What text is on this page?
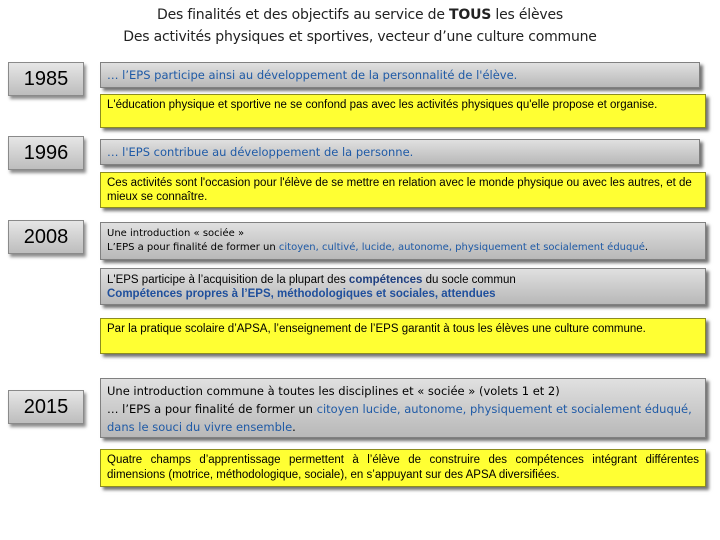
Des finalités et des objectifs au service de TOUS les élèves
Des activités physiques et sportives, vecteur d’une culture commune
1985
1996
2008
2015
… l’EPS participe ainsi au développement de la personnalité de l'élève.
L'éducation physique et sportive ne se confond pas avec les activités physiques qu'elle propose et organise.
… l'EPS contribue au développement de la personne.
Ces activités sont l'occasion pour l'élève de se mettre en relation avec le monde physique ou avec les autres, et de mieux se connaître.
Une introduction « sociée »
L’EPS a pour finalité de former un citoyen, cultivé, lucide, autonome, physiquement et socialement éduqué.
L'EPS participe à l’acquisition de la plupart des compétences du socle commun
Compétences propres à l’EPS, méthodologiques et sociales, attendues
Par la pratique scolaire d’APSA, l’enseignement de l’EPS garantit à tous les élèves une culture commune.
Une introduction commune à toutes les disciplines et « sociée » (volets 1 et 2)
… l’EPS a pour finalité de former un citoyen lucide, autonome, physiquement et socialement éduqué, dans le souci du vivre ensemble.
Quatre champs d’apprentissage permettent à l’élève de construire des compétences intégrant différentes dimensions (motrice, méthodologique, sociale), en s’appuyant sur des APSA diversifiées.
